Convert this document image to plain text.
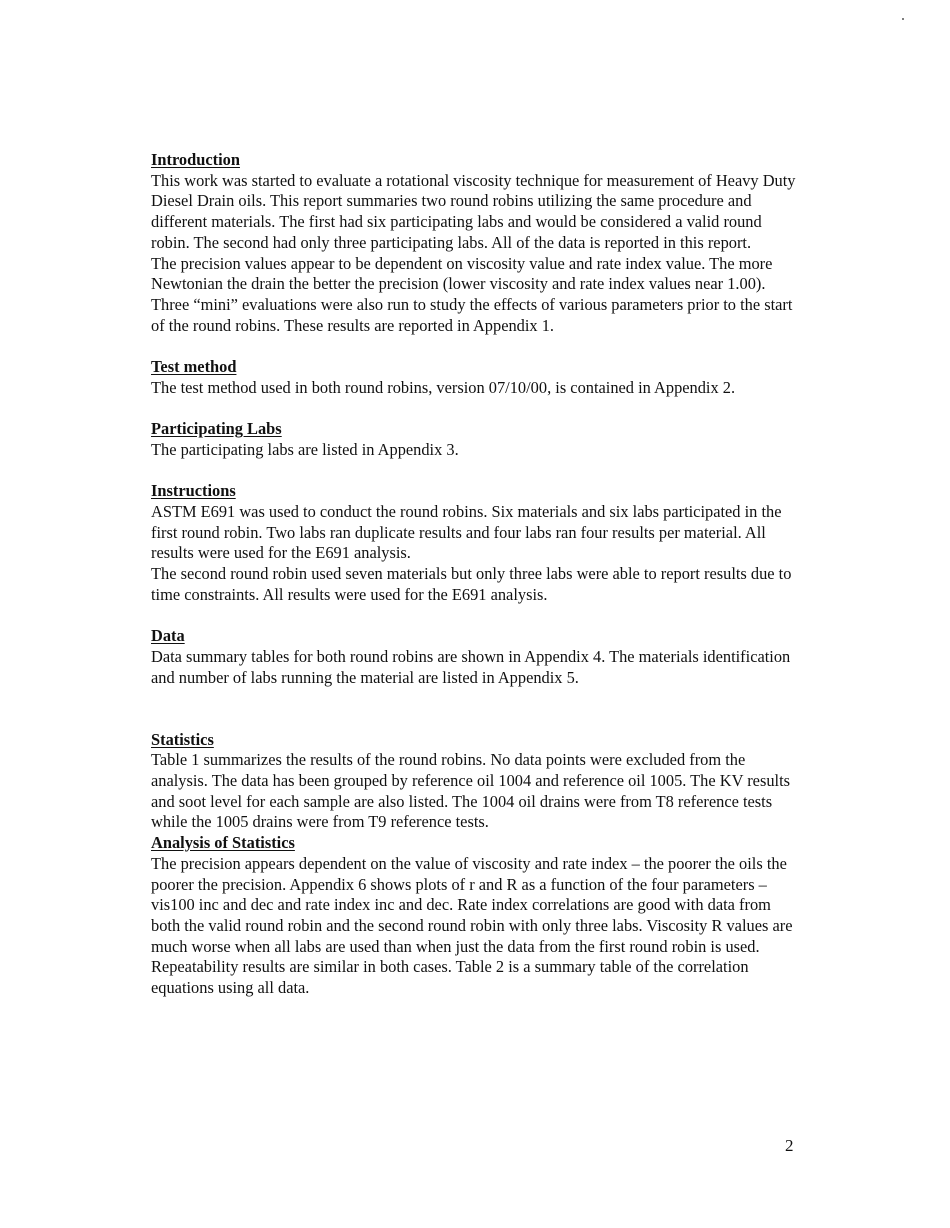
Introduction
This work was started to evaluate a rotational viscosity technique for measurement of Heavy Duty Diesel Drain oils. This report summaries two round robins utilizing the same procedure and different materials. The first had six participating labs and would be considered a valid round robin. The second had only three participating labs. All of the data is reported in this report.
The precision values appear to be dependent on viscosity value and rate index value. The more Newtonian the drain the better the precision (lower viscosity and rate index values near 1.00). Three “mini” evaluations were also run to study the effects of various parameters prior to the start of the round robins. These results are reported in Appendix 1.
Test method
The test method used in both round robins, version 07/10/00, is contained in Appendix 2.
Participating Labs
The participating labs are listed in Appendix 3.
Instructions
ASTM E691 was used to conduct the round robins. Six materials and six labs participated in the first round robin. Two labs ran duplicate results and four labs ran four results per material. All results were used for the E691 analysis.
The second round robin used seven materials but only three labs were able to report results due to time constraints. All results were used for the E691 analysis.
Data
Data summary tables for both round robins are shown in Appendix 4. The materials identification and number of labs running the material are listed in Appendix 5.
Statistics
Table 1 summarizes the results of the round robins. No data points were excluded from the analysis. The data has been grouped by reference oil 1004 and reference oil 1005. The KV results and soot level for each sample are also listed. The 1004 oil drains were from T8 reference tests while the 1005 drains were from T9 reference tests.
Analysis of Statistics
The precision appears dependent on the value of viscosity and rate index – the poorer the oils the poorer the precision. Appendix 6 shows plots of r and R as a function of the four parameters – vis100 inc and dec and rate index inc and dec. Rate index correlations are good with data from both the valid round robin and the second round robin with only three labs. Viscosity R values are much worse when all labs are used than when just the data from the first round robin is used. Repeatability results are similar in both cases. Table 2 is a summary table of the correlation equations using all data.
2
